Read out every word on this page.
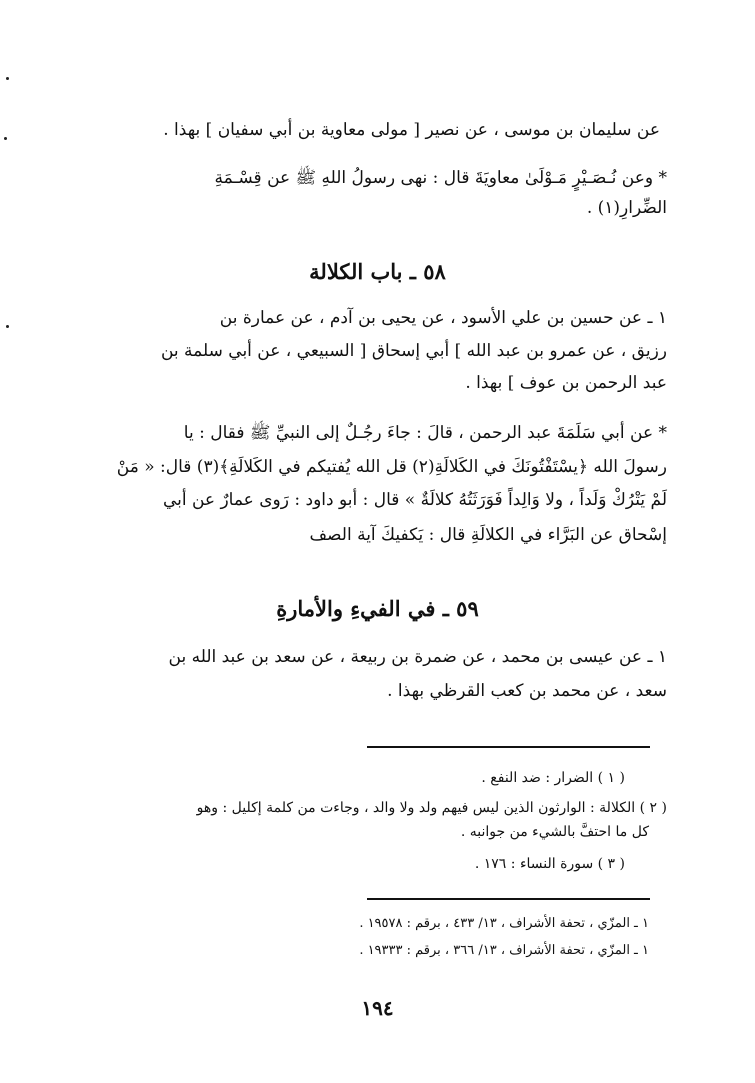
عن سليمان بن موسى ، عن نصير [ مولى معاوية بن أبي سفيان ] بهذا .
* وعن نُـصَـيْرٍ مَـوْلَىٰ معاويَةَ قال : نهى رسولُ اللهِ ﷺ عن قِسْـمَةِ
الضِّرارِ(١) .
٥٨ ـ باب الكلالة
١ ـ عن حسين بن علي الأسود ، عن يحيى بن آدم ، عن عمارة بن
رزيق ، عن عمرو بن عبد الله ] أبي إسحاق [ السبيعي ، عن أبي سلمة بن
عبد الرحمن بن عوف ] بهذا .
* عن أبي سَلَمَةَ عبد الرحمن ، قالَ : جاءَ رجُـلٌ إلى النبيِّ ﷺ فقال : يا
رسولَ الله ﴿يسْتَفْتُونَكَ في الكَلالَةِ(٢) قل الله يُفتيكم في الكَلالَةِ﴾(٣) قال: « مَنْ
لَمْ يَتْرُكْ وَلَداً ، ولا وَالِداً فَوَرَثَتُهُ كلالَةٌ » قال : أبو داود : رَوى عمارٌ عن أبي
إسْحاق عن البَرَّاء في الكلالَةِ قال : يَكفيكَ آية الصف
٥٩ ـ في الفيءِ والأمارةِ
١ ـ عن عيسى بن محمد ، عن ضمرة بن ربيعة ، عن سعد بن عبد الله بن
سعد ، عن محمد بن كعب القرظي بهذا .
( ١ ) الضرار : ضد النفع .
( ٢ ) الكلالة : الوارثون الذين ليس فيهم ولد ولا والد ، وجاءت من كلمة إكليل : وهو
كل ما احتفَّ بالشيء من جوانبه .
( ٣ ) سورة النساء : ١٧٦ .
١ ـ المزّي ، تحفة الأشراف ، ١٣/ ٤٣٣ ، برقم : ١٩٥٧٨ .
١ ـ المزّي ، تحفة الأشراف ، ١٣/ ٣٦٦ ، برقم : ١٩٣٣٣ .
١٩٤
